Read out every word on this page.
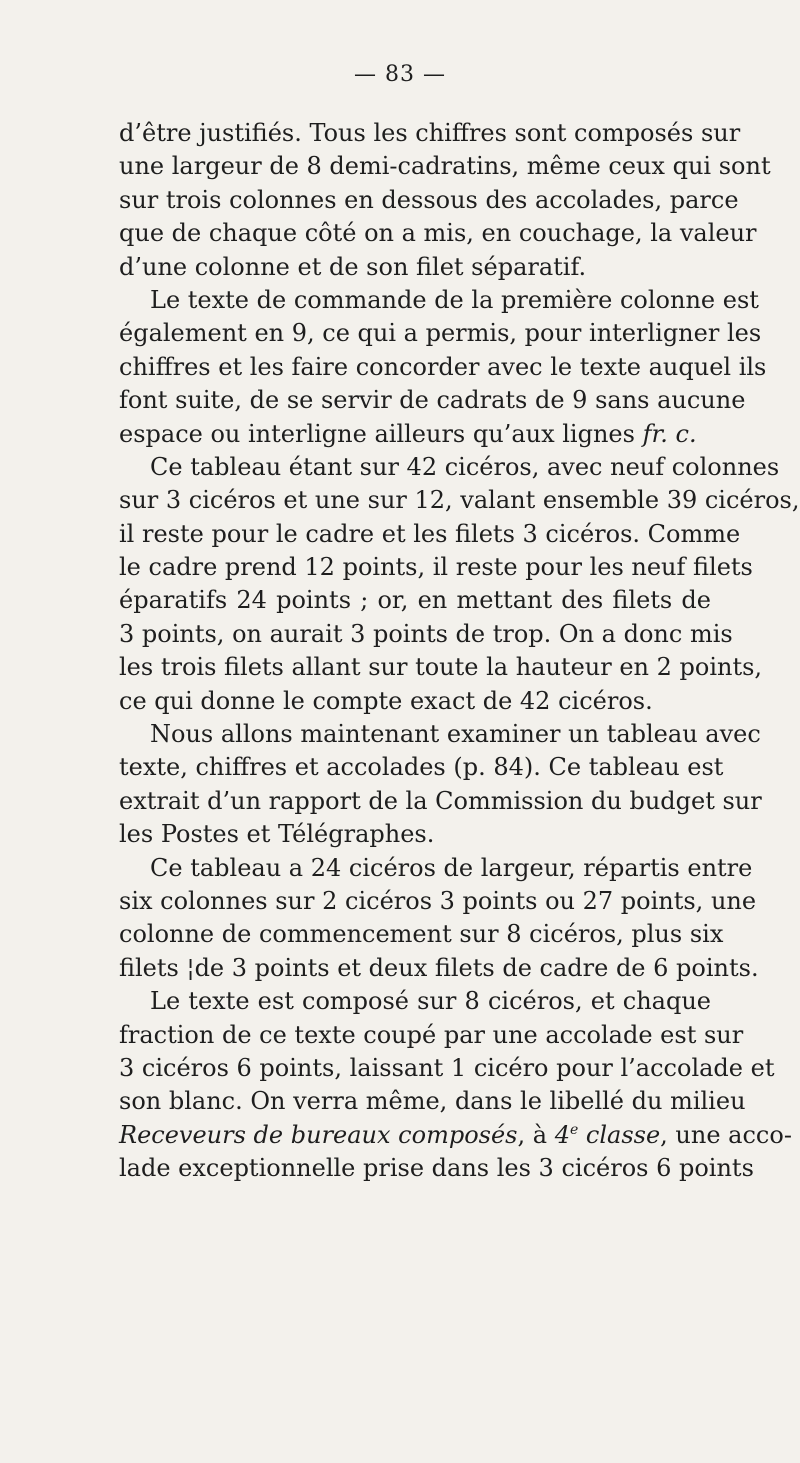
— 83 —
d’être justifiés. Tous les chiffres sont composés sur
une largeur de 8 demi-cadratins, même ceux qui sont
sur trois colonnes en dessous des accolades, parce
que de chaque côté on a mis, en couchage, la valeur
d’une colonne et de son filet séparatif.
Le texte de commande de la première colonne est
également en 9, ce qui a permis, pour interligner les
chiffres et les faire concorder avec le texte auquel ils
font suite, de se servir de cadrats de 9 sans aucune
espace ou interligne ailleurs qu’aux lignes fr. c.
Ce tableau étant sur 42 cicéros, avec neuf colonnes
sur 3 cicéros et une sur 12, valant ensemble 39 cicéros,
il reste pour le cadre et les filets 3 cicéros. Comme
le cadre prend 12 points, il reste pour les neuf filets
éparatifs 24 points ; or, en mettant des filets de
3 points, on aurait 3 points de trop. On a donc mis
les trois filets allant sur toute la hauteur en 2 points,
ce qui donne le compte exact de 42 cicéros.
Nous allons maintenant examiner un tableau avec
texte, chiffres et accolades (p. 84). Ce tableau est
extrait d’un rapport de la Commission du budget sur
les Postes et Télégraphes.
Ce tableau a 24 cicéros de largeur, répartis entre
six colonnes sur 2 cicéros 3 points ou 27 points, une
colonne de commencement sur 8 cicéros, plus six
filets ¦de 3 points et deux filets de cadre de 6 points.
Le texte est composé sur 8 cicéros, et chaque
fraction de ce texte coupé par une accolade est sur
3 cicéros 6 points, laissant 1 cicéro pour l’accolade et
son blanc. On verra même, dans le libellé du milieu
Receveurs de bureaux composés, à 4e classe, une acco-
lade exceptionnelle prise dans les 3 cicéros 6 points
